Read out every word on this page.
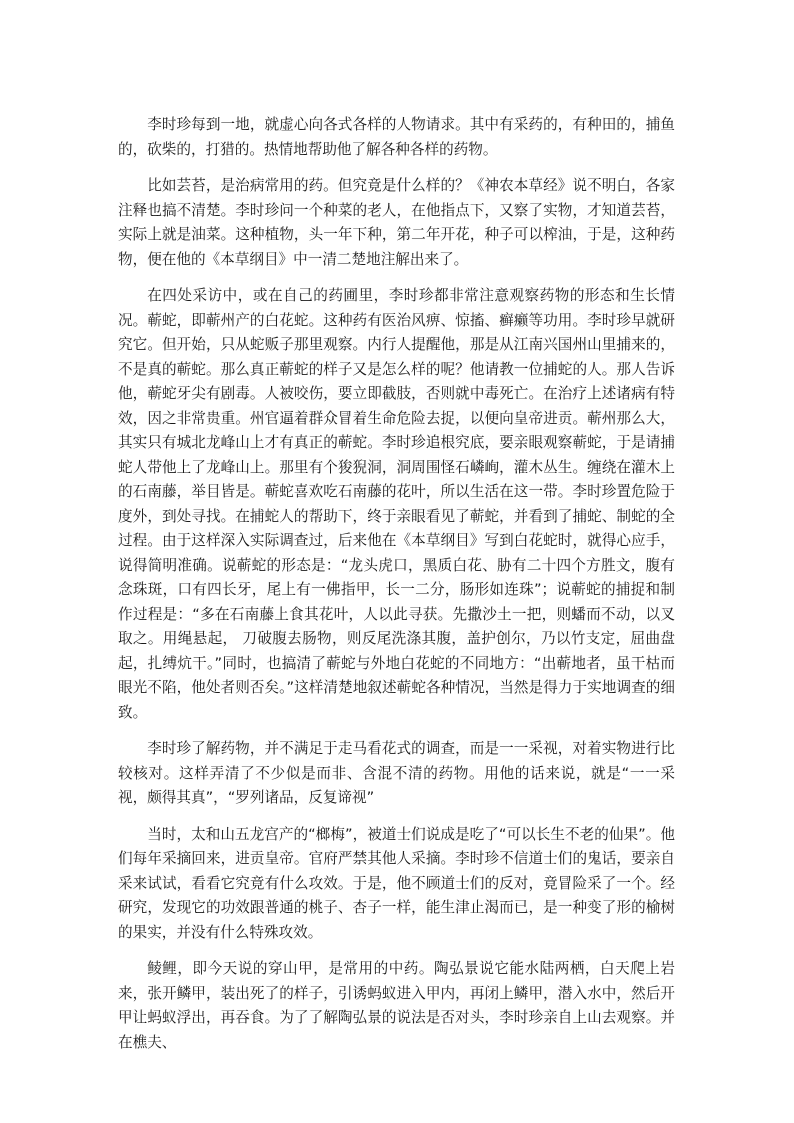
李时珍每到一地，就虚心向各式各样的人物请求。其中有采药的，有种田的，捕鱼的，砍柴的，打猎的。热情地帮助他了解各种各样的药物。

比如芸苔，是治病常用的药。但究竟是什么样的？《神农本草经》说不明白，各家注释也搞不清楚。李时珍问一个种菜的老人，在他指点下，又察了实物，才知道芸苔，实际上就是油菜。这种植物，头一年下种，第二年开花，种子可以榨油，于是，这种药物，便在他的《本草纲目》中一清二楚地注解出来了。

在四处采访中，或在自己的药圃里，李时珍都非常注意观察药物的形态和生长情况。蕲蛇，即蕲州产的白花蛇。这种药有医治风痹、惊搐、癣癞等功用。李时珍早就研究它。但开始，只从蛇贩子那里观察。内行人提醒他，那是从江南兴国州山里捕来的，不是真的蕲蛇。那么真正蕲蛇的样子又是怎么样的呢？他请教一位捕蛇的人。那人告诉他，蕲蛇牙尖有剧毒。人被咬伤，要立即截肢，否则就中毒死亡。在治疗上述诸病有特效，因之非常贵重。州官逼着群众冒着生命危险去捉，以便向皇帝进贡。蕲州那么大，其实只有城北龙峰山上才有真正的蕲蛇。李时珍追根究底，要亲眼观察蕲蛇，于是请捕蛇人带他上了龙峰山上。那里有个狻猊洞，洞周围怪石嶙峋，灌木丛生。缠绕在灌木上的石南藤，举目皆是。蕲蛇喜欢吃石南藤的花叶，所以生活在这一带。李时珍置危险于度外，到处寻找。在捕蛇人的帮助下，终于亲眼看见了蕲蛇，并看到了捕蛇、制蛇的全过程。由于这样深入实际调查过，后来他在《本草纲目》写到白花蛇时，就得心应手，说得简明准确。说蕲蛇的形态是：“龙头虎口，黑质白花、胁有二十四个方胜文，腹有念珠斑，口有四长牙，尾上有一佛指甲，长一二分，肠形如连珠”；说蕲蛇的捕捉和制作过程是：“多在石南藤上食其花叶，人以此寻获。先撒沙土一把，则蟠而不动，以叉取之。用绳悬起， 刀破腹去肠物，则反尾洗涤其腹，盖护创尔，乃以竹支定，屈曲盘起，扎缚炕干。”同时，也搞清了蕲蛇与外地白花蛇的不同地方：“出蕲地者，虽干枯而眼光不陷，他处者则否矣。”这样清楚地叙述蕲蛇各种情况，当然是得力于实地调查的细致。

李时珍了解药物，并不满足于走马看花式的调查，而是一一采视，对着实物进行比较核对。这样弄清了不少似是而非、含混不清的药物。用他的话来说，就是“一一采视，颇得其真”，“罗列诸品，反复谛视”

当时，太和山五龙宫产的“榔梅”，被道士们说成是吃了“可以长生不老的仙果”。他们每年采摘回来，进贡皇帝。官府严禁其他人采摘。李时珍不信道士们的鬼话，要亲自采来试试，看看它究竟有什么攻效。于是，他不顾道士们的反对，竟冒险采了一个。经研究，发现它的功效跟普通的桃子、杏子一样，能生津止渴而已，是一种变了形的榆树的果实，并没有什么特殊攻效。

鲮鲤，即今天说的穿山甲，是常用的中药。陶弘景说它能水陆两栖，白天爬上岩来，张开鳞甲，装出死了的样子，引诱蚂蚁进入甲内，再闭上鳞甲，潜入水中，然后开甲让蚂蚁浮出，再吞食。为了了解陶弘景的说法是否对头，李时珍亲自上山去观察。并在樵夫、
